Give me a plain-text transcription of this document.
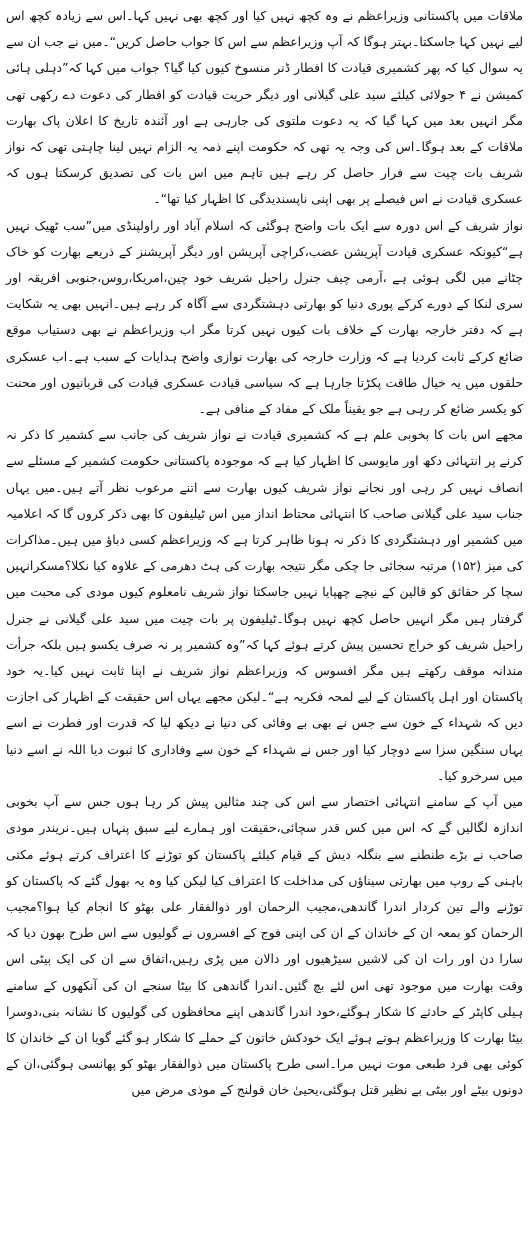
ملاقات میں پاکستانی وزیراعظم نے وہ کچھ نہیں کیا اور کچھ بھی نہیں کہا۔اس سے زیادہ کچھ اس لیے نہیں کہا جاسکتا۔بہتر ہوگا کہ آپ وزیراعظم سے اس کا جواب حاصل کریں“۔میں نے جب ان سے یہ سوال کیا کہ پھر کشمیری قیادت کا افطار ڈنر منسوخ کیوں کیا گیا؟ جواب میں کہا کہ”دہلی ہائی کمیشن نے ۴ جولائی کیلئے سید علی گیلانی اور دیگر حریت قیادت کو افطار کی دعوت دے رکھی تھی مگر انہیں بعد میں کہا گیا کہ یہ دعوت ملتوی کی جارہی ہے اور آئندہ تاریخ کا اعلان پاک بھارت ملاقات کے بعد ہوگا۔اس کی وجہ یہ تھی کہ حکومت اپنے ذمہ یہ الزام نہیں لینا چاہتی تھی کہ نواز شریف بات چیت سے فرار حاصل کر رہے ہیں تاہم میں اس بات کی تصدیق کرسکتا ہوں کہ عسکری قیادت نے اس فیصلے پر بھی اپنی ناپسندیدگی کا اظہار کیا تھا“۔

نواز شریف کے اس دورہ سے ایک بات واضح ہوگئی کہ اسلام آباد اور راولپنڈی میں”سب ٹھیک نہیں ہے“کیونکہ عسکری قیادت آپریشن عضب،کراچی آپریشن اور دیگر آپریشنز کے ذریعے بھارت کو خاک چٹانے میں لگی ہوئی ہے ،آرمی چیف جنرل راحیل شریف خود چین،امریکا،روس،جنوبی افریقہ اور سری لنکا کے دورے کرکے پوری دنیا کو بھارتی دہشتگردی سے آگاہ کر رہے ہیں۔انہیں بھی یہ شکایت ہے کہ دفتر خارجہ بھارت کے خلاف بات کیوں نہیں کرتا مگر اب وزیراعظم نے بھی دستیاب موقع ضائع کرکے ثابت کردیا ہے کہ وزارت خارجہ کی بھارت نوازی واضح ہدایات کے سبب ہے۔اب عسکری حلقوں میں یہ خیال طاقت پکڑتا جارہا ہے کہ سیاسی قیادت عسکری قیادت کی قربانیوں اور محنت کو یکسر ضائع کر رہی ہے جو یقیناً ملک کے مفاد کے منافی ہے۔

مجھے اس بات کا بخوبی علم ہے کہ کشمیری قیادت نے نواز شریف کی جانب سے کشمیر کا ذکر نہ کرنے پر انتہائی دکھ اور مایوسی کا اظہار کیا ہے کہ موجودہ پاکستانی حکومت کشمیر کے مسئلے سے انصاف نہیں کر رہی اور نجانے نواز شریف کیوں بھارت سے اتنے مرعوب نظر آتے ہیں۔میں یہاں جناب سید علی گیلانی صاحب کا انتہائی محتاط انداز میں اس ٹیلیفون کا بھی ذکر کروں گا کہ اعلامیہ میں کشمیر اور دہشتگردی کا ذکر نہ ہونا ظاہر کرتا ہے کہ وزیراعظم کسی دباؤ میں ہیں۔مذاکرات کی میز (۱۵۲) مرتبہ سجائی جا چکی مگر نتیجہ بھارت کی ہٹ دھرمی کے علاوہ کیا نکلا؟مسکرانہیں سچا کر حقائق کو قالین کے نیچے چھپایا نہیں جاسکتا نواز شریف نامعلوم کیوں مودی کی محبت میں گرفتار ہیں مگر انہیں حاصل کچھ نہیں ہوگا۔ٹیلیفون پر بات چیت میں سید علی گیلانی نے جنرل راحیل شریف کو خراج تحسین پیش کرتے ہوئے کہا کہ”وہ کشمیر پر نہ صرف یکسو ہیں بلکہ جرأت مندانہ موقف رکھتے ہیں مگر افسوس کہ وزیراعظم نواز شریف نے اپنا ثابت نہیں کیا۔یہ خود پاکستان اور اہل پاکستان کے لیے لمحہ فکریہ ہے“۔لیکن مجھے یہاں اس حقیقت کے اظہار کی اجازت دیں کہ شہداء کے خون سے جس نے بھی بے وفائی کی دنیا نے دیکھ لیا کہ قدرت اور فطرت نے اسے یہاں سنگین سزا سے دوچار کیا اور جس نے شہداء کے خون سے وفاداری کا ثبوت دیا اللہ نے اسے دنیا میں سرخرو کیا۔

میں آپ کے سامنے انتہائی اختصار سے اس کی چند مثالیں پیش کر رہا ہوں جس سے آپ بخوبی اندازہ لگالیں گے کہ اس میں کس قدر سچائی،حقیقت اور ہمارے لیے سبق پنہاں ہیں۔نریندر مودی صاحب نے بڑے طنطنے سے بنگلہ دیش کے قیام کیلئے پاکستان کو توڑنے کا اعتراف کرتے ہوئے مکتی باہنی کے روپ میں بھارتی سیناؤں کی مداخلت کا اعتراف کیا لیکن کیا وہ یہ بھول گئے کہ پاکستان کو توڑنے والے تین کردار اندرا گاندھی،مجیب الرحمان اور ذوالفقار علی بھٹو کا انجام کیا ہوا؟مجیب الرحمان کو بمعہ ان کے خاندان کے ان کی اپنی فوج کے افسروں نے گولیوں سے اس طرح بھون دیا کہ سارا دن اور رات ان کی لاشیں سیڑھیوں اور دالان میں پڑی رہیں،اتفاق سے ان کی ایک بیٹی اس وقت بھارت میں موجود تھی اس لئے بچ گئیں۔اندرا گاندھی کا بیٹا سنجے ان کی آنکھوں کے سامنے ہیلی کاپٹر کے حادثے کا شکار ہوگئے،خود اندرا گاندھی اپنے محافظوں کی گولیوں کا نشانہ بنی،دوسرا بیٹا بھارت کا وزیراعظم ہوتے ہوئے ایک خودکش خاتون کے حملے کا شکار ہو گئے گویا ان کے خاندان کا کوئی بھی فرد طبعی موت نہیں مرا۔اسی طرح پاکستان میں ذوالفقار بھٹو کو پھانسی ہوگئی،ان کے دونوں بیٹے اور بیٹی بے نظیر قتل ہوگئی،یحییٰ خان قولنج کے موذی مرض میں
